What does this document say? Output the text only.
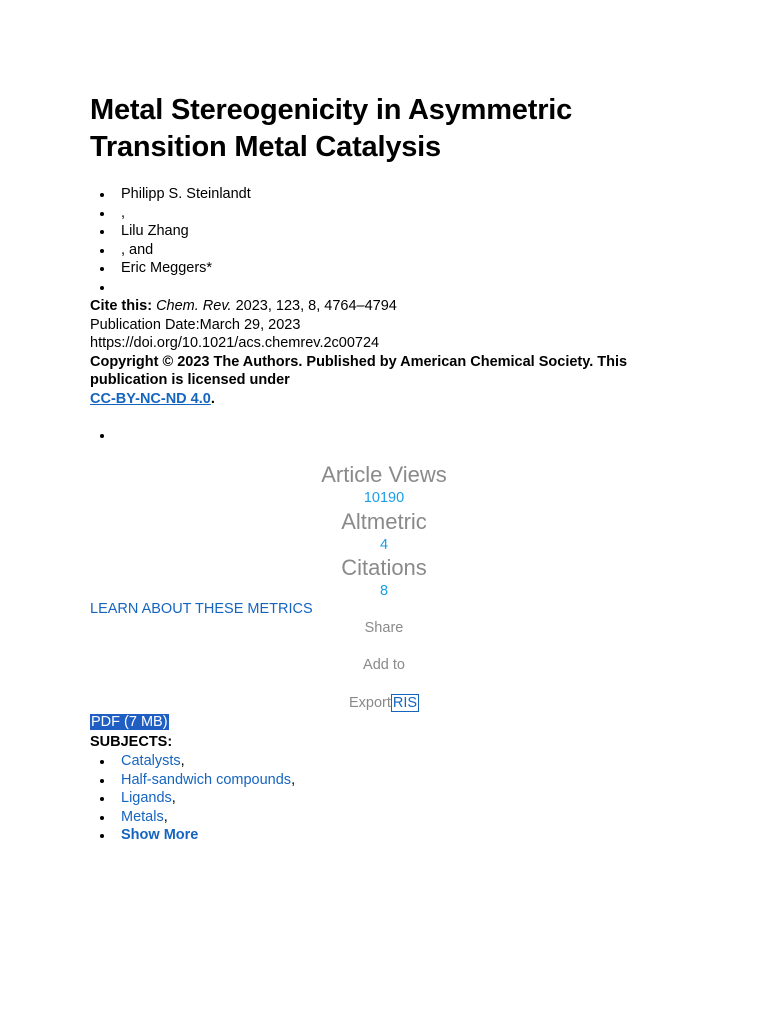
Metal Stereogenicity in Asymmetric Transition Metal Catalysis
Philipp S. Steinlandt
,
Lilu Zhang
, and
Eric Meggers*

Cite this: Chem. Rev. 2023, 123, 8, 4764–4794
Publication Date:March 29, 2023
https://doi.org/10.1021/acs.chemrev.2c00724
Copyright © 2023 The Authors. Published by American Chemical Society. This publication is licensed under
CC-BY-NC-ND 4.0.

Article Views
10190
Altmetric
4
Citations
8
LEARN ABOUT THESE METRICS
Share
Add to
Export RIS
PDF (7 MB)
SUBJECTS:
Catalysts,
Half-sandwich compounds,
Ligands,
Metals,
Show More
